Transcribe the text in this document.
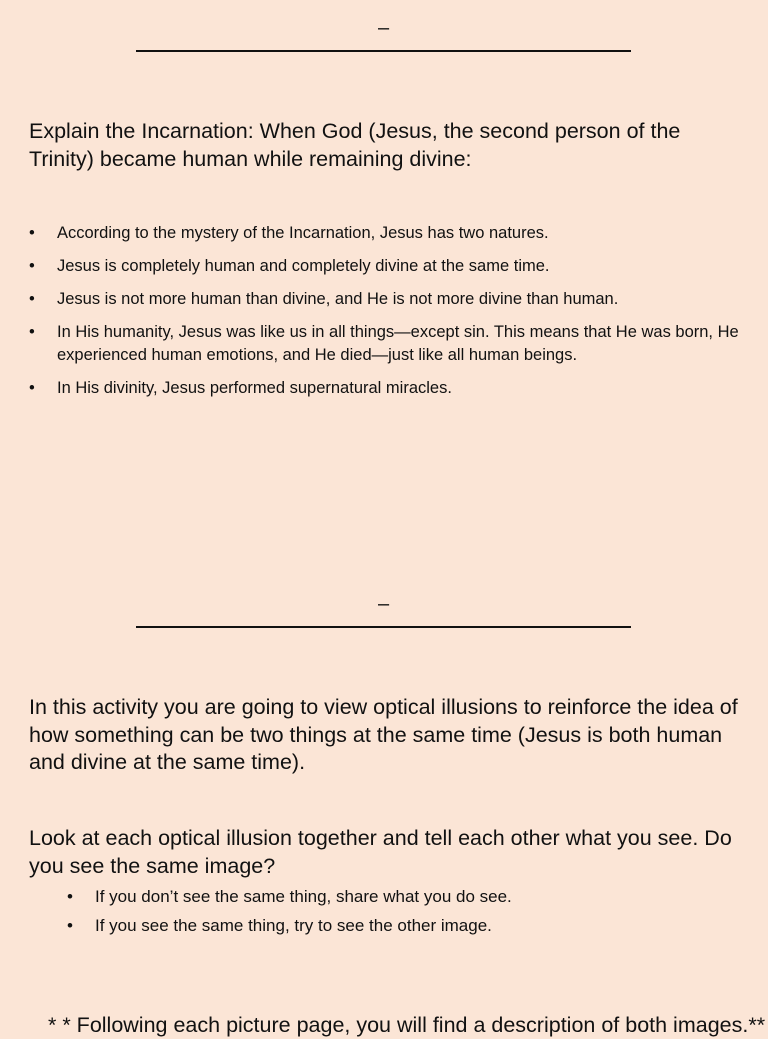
–

Explain the Incarnation: When God (Jesus, the second person of the Trinity) became human while remaining divine:

• According to the mystery of the Incarnation, Jesus has two natures.
• Jesus is completely human and completely divine at the same time.
• Jesus is not more human than divine, and He is not more divine than human.
• In His humanity, Jesus was like us in all things—except sin. This means that He was born, He experienced human emotions, and He died—just like all human beings.
• In His divinity, Jesus performed supernatural miracles.
–

In this activity you are going to view optical illusions to reinforce the idea of how something can be two things at the same time (Jesus is both human and divine at the same time).

Look at each optical illusion together and tell each other what you see. Do you see the same image?

• If you don’t see the same thing, share what you do see.
• If you see the same thing, try to see the other image.

* * Following each picture page, you will find a description of both images.**
